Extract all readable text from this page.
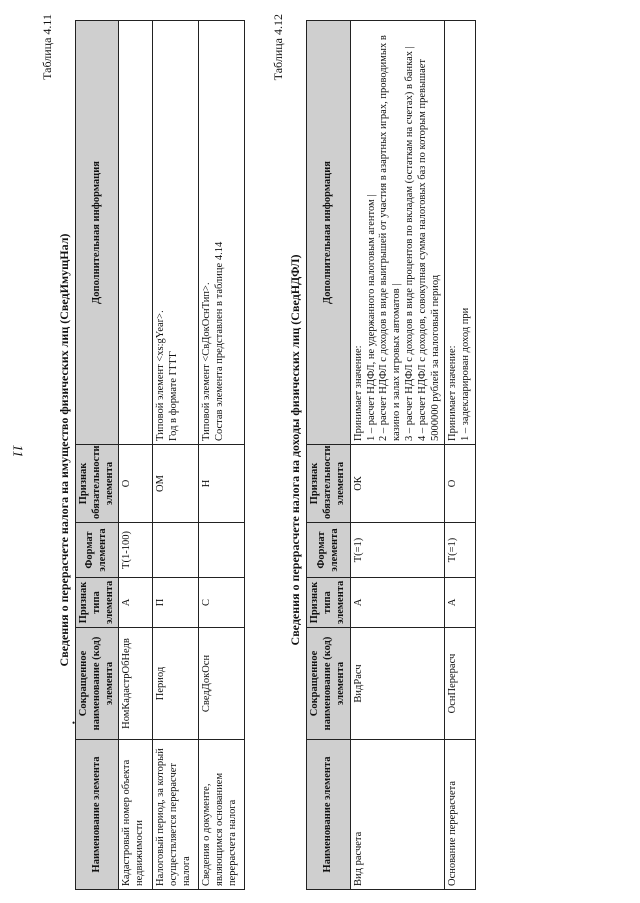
11
•
Таблица 4.11
Сведения о перерасчете налога на имущество физических лиц (СведИмущНал)
Наименование элемента	Сокращенное наименование (код) элемента	Признак типа элемента	Формат элемента	Признак обязательности элемента	Дополнительная информация
Кадастровый номер объекта недвижимости	НомКадастрОбНедв	А	T(1-100)	О	
Налоговый период, за который осуществляется перерасчет налога	Период	П		ОМ	Типовой элемент <xs:gYear>.
Год в формате ГГГГ
Сведения о документе, являющимся основанием перерасчета налога	СведДокОсн	С		Н	Типовой элемент <СвДокОснТип>.
Состав элемента представлен в таблице 4.14
Таблица 4.12
Сведения о перерасчете налога на доходы физических лиц (СведНДФЛ)
Наименование элемента	Сокращенное наименование (код) элемента	Признак типа элемента	Формат элемента	Признак обязательности элемента	Дополнительная информация
Вид расчета	ВидРасч	А	T(=1)	ОК	Принимает значение:
1 – расчет НДФЛ, не удержанного налоговым агентом |
2 – расчет НДФЛ с доходов в виде выигрышей от участия в азартных играх, проводимых в казино и залах игровых автоматов |
3 – расчет НДФЛ с доходов в виде процентов по вкладам (остаткам на счетах) в банках |
4 – расчет НДФЛ с доходов, совокупная сумма налоговых баз по которым превышает 5000000 рублей за налоговый период
Основание перерасчета	ОснПерерасч	А	T(=1)	О	Принимает значение:
1 – задекларирован доход при
